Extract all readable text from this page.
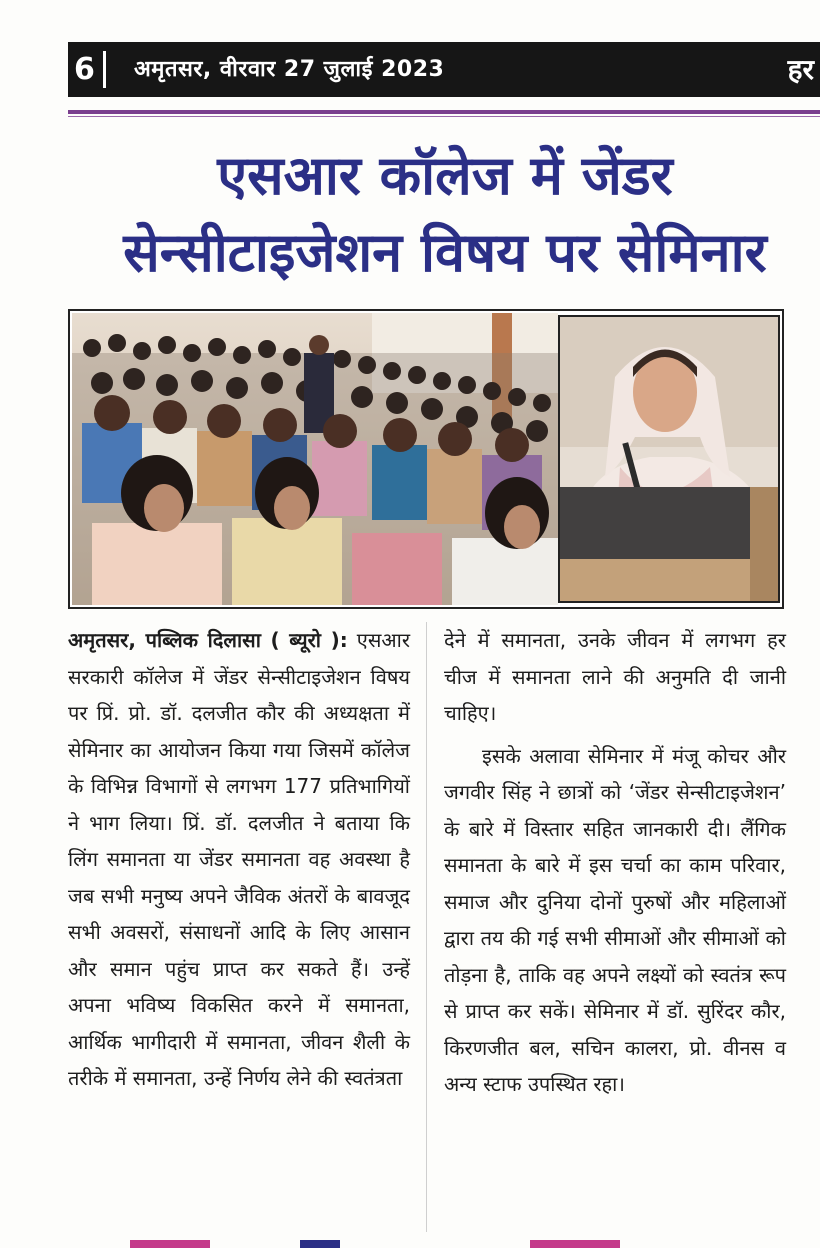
6 अमृतसर, वीरवार 27 जुलाई 2023	हर
एसआर कॉलेज में जेंडर
सेन्सीटाइजेशन विषय पर सेमिनार

अमृतसर, पब्लिक दिलासा ( ब्यूरो ): एसआर सरकारी कॉलेज में जेंडर सेन्सीटाइजेशन विषय पर प्रिं. प्रो. डॉ. दलजीत कौर की अध्यक्षता में सेमिनार का आयोजन किया गया जिसमें कॉलेज के विभिन्न विभागों से लगभग 177 प्रतिभागियों ने भाग लिया। प्रिं. डॉ. दलजीत ने बताया कि लिंग समानता या जेंडर समानता वह अवस्था है जब सभी मनुष्य अपने जैविक अंतरों के बावजूद सभी अवसरों, संसाधनों आदि के लिए आसान और समान पहुंच प्राप्त कर सकते हैं। उन्हें अपना भविष्य विकसित करने में समानता, आर्थिक भागीदारी में समानता, जीवन शैली के तरीके में समानता, उन्हें निर्णय लेने की स्वतंत्रता

देने में समानता, उनके जीवन में लगभग हर चीज में समानता लाने की अनुमति दी जानी चाहिए।

इसके अलावा सेमिनार में मंजू कोचर और जगवीर सिंह ने छात्रों को ‘जेंडर सेन्सीटाइजेशन’ के बारे में विस्तार सहित जानकारी दी। लैंगिक समानता के बारे में इस चर्चा का काम परिवार, समाज और दुनिया दोनों पुरुषों और महिलाओं द्वारा तय की गई सभी सीमाओं और सीमाओं को तोड़ना है, ताकि वह अपने लक्ष्यों को स्वतंत्र रूप से प्राप्त कर सकें। सेमिनार में डॉ. सुरिंदर कौर, किरणजीत बल, सचिन कालरा, प्रो. वीनस व अन्य स्टाफ उपस्थित रहा।
